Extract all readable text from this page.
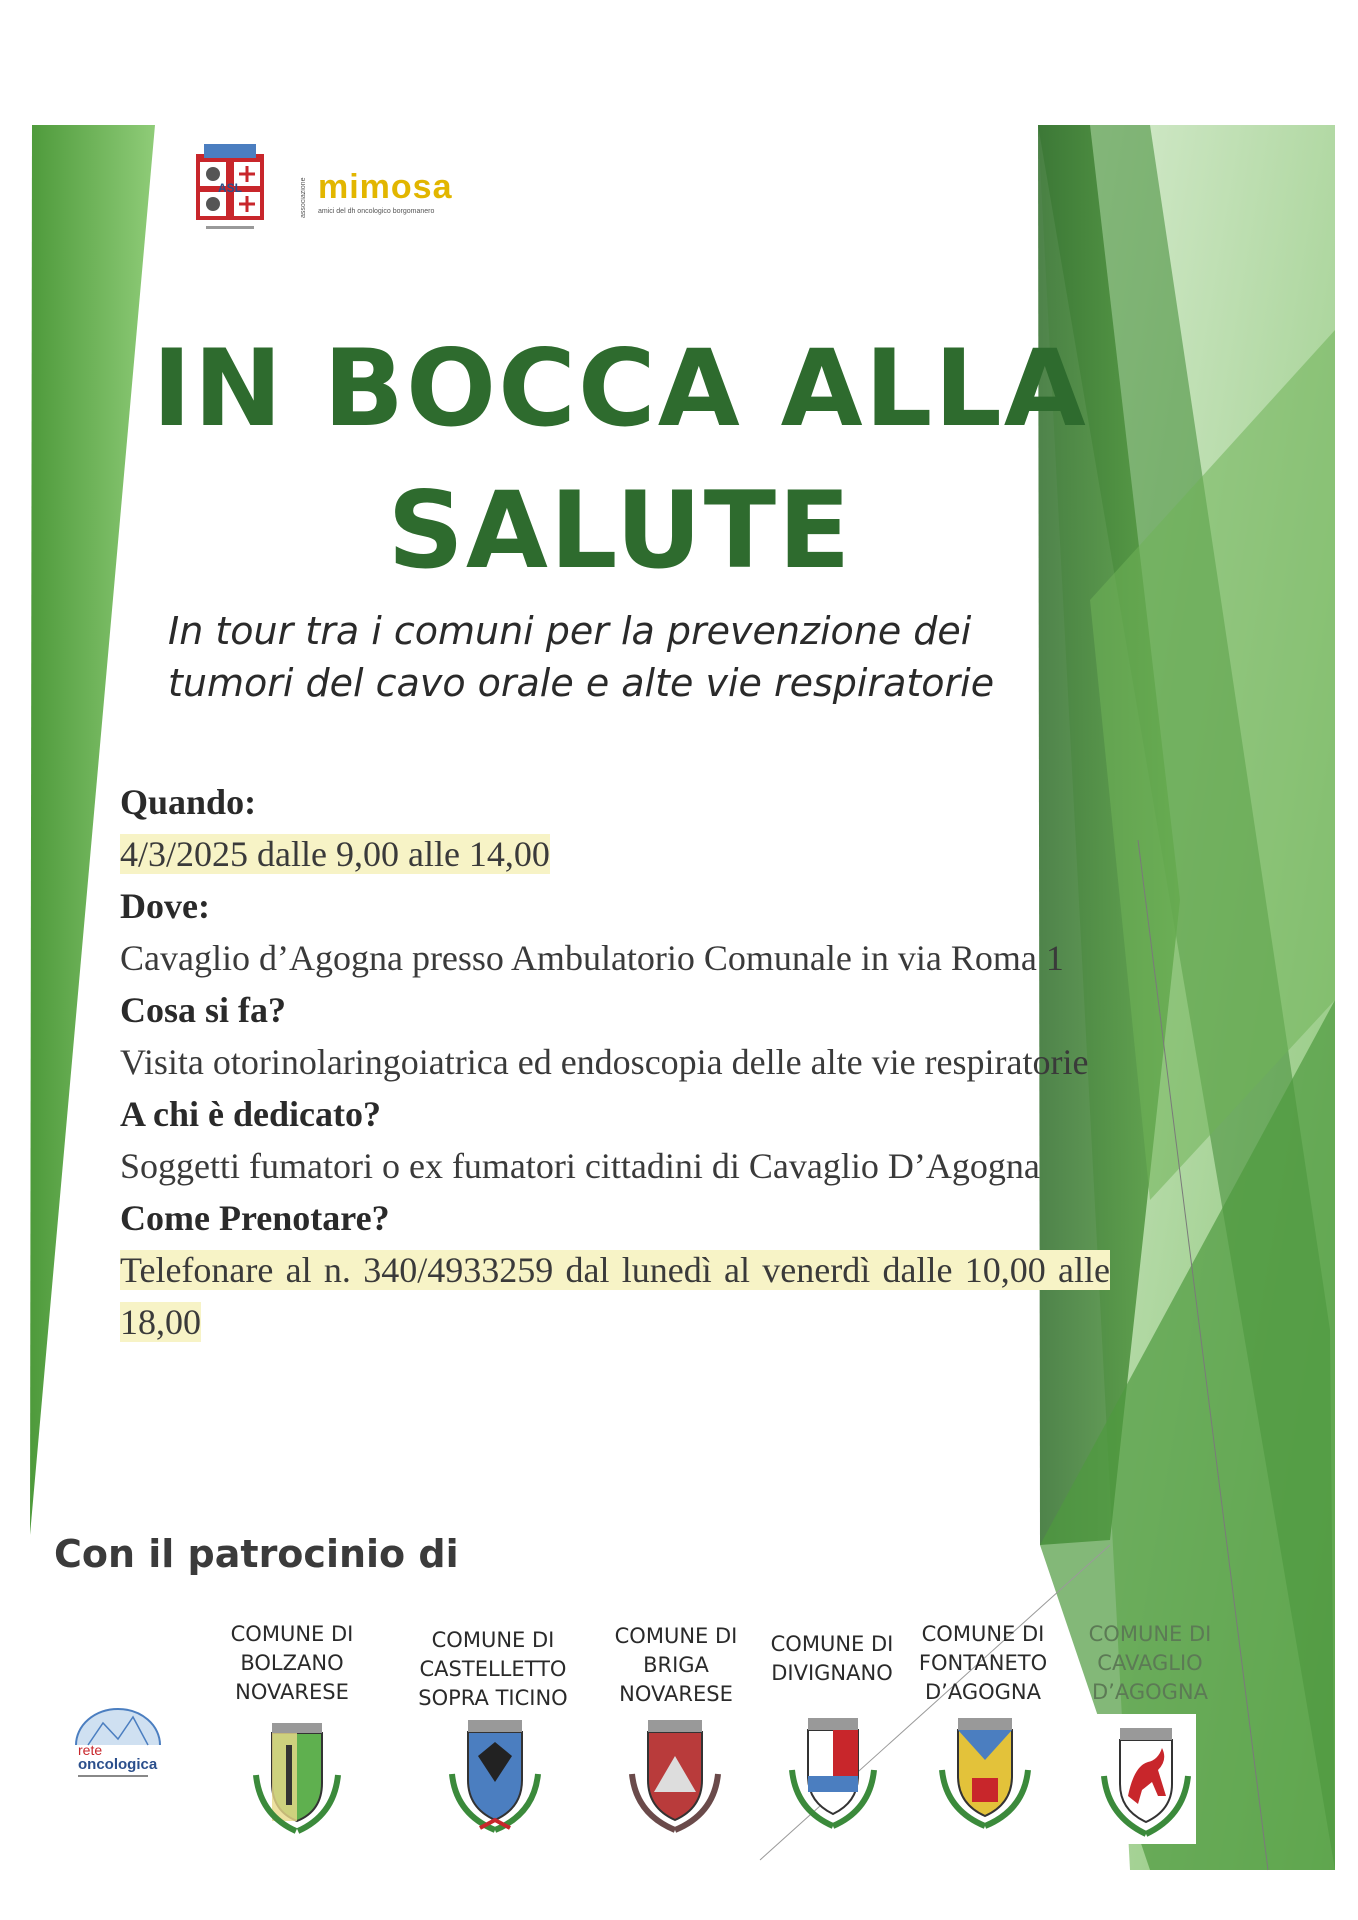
ASL	associazione mimosa
amici del dh oncologico borgomanero
IN BOCCA ALLA
SALUTE
In tour tra i comuni per la prevenzione dei
tumori del cavo orale e alte vie respiratorie
Quando:
4/3/2025 dalle 9,00 alle 14,00
Dove:
Cavaglio d’Agogna presso Ambulatorio Comunale in via Roma 1
Cosa si fa?
Visita otorinolaringoiatrica ed endoscopia delle alte vie respiratorie
A chi è dedicato?
Soggetti fumatori o ex fumatori cittadini di Cavaglio D’Agogna
Come Prenotare?
Telefonare al n. 340/4933259 dal lunedì al venerdì dalle 10,00 alle 18,00
Con il patrocinio di
rete
oncologica
COMUNE DI
BOLZANO
NOVARESE
COMUNE DI
CASTELLETTO
SOPRA TICINO
COMUNE DI
BRIGA
NOVARESE
COMUNE DI
DIVIGNANO
COMUNE DI
FONTANETO
D’AGOGNA
COMUNE DI
CAVAGLIO
D’AGOGNA
